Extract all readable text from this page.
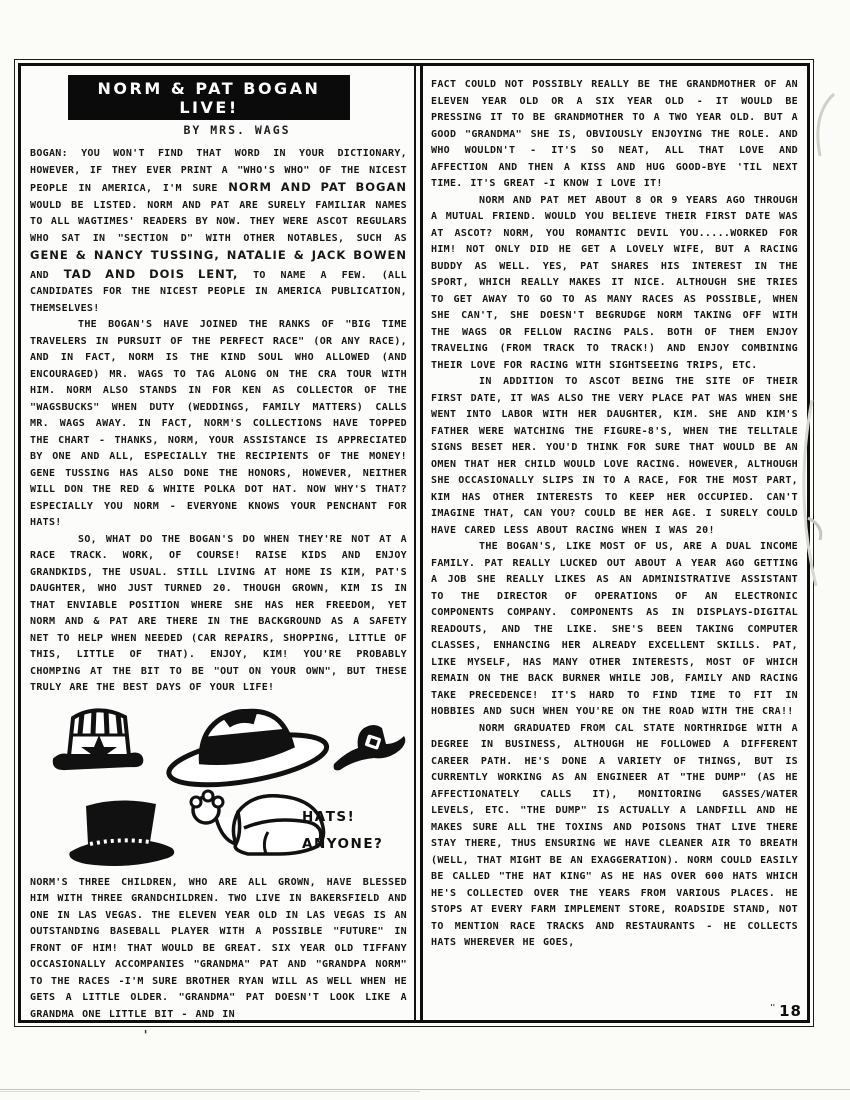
NORM & PAT BOGAN LIVE!
BY MRS. WAGS

BOGAN: YOU WON'T FIND THAT WORD IN YOUR DICTIONARY, HOWEVER, IF THEY EVER PRINT A "WHO'S WHO" OF THE NICEST PEOPLE IN AMERICA, I'M SURE NORM AND PAT BOGAN WOULD BE LISTED. NORM AND PAT ARE SURELY FAMILIAR NAMES TO ALL WAGTIMES' READERS BY NOW. THEY WERE ASCOT REGULARS WHO SAT IN "SECTION D" WITH OTHER NOTABLES, SUCH AS GENE & NANCY TUSSING, NATALIE & JACK BOWEN AND TAD AND DOIS LENT, TO NAME A FEW. (ALL CANDIDATES FOR THE NICEST PEOPLE IN AMERICA PUBLICATION, THEMSELVES!

THE BOGAN'S HAVE JOINED THE RANKS OF "BIG TIME TRAVELERS IN PURSUIT OF THE PERFECT RACE" (OR ANY RACE), AND IN FACT, NORM IS THE KIND SOUL WHO ALLOWED (AND ENCOURAGED) MR. WAGS TO TAG ALONG ON THE CRA TOUR WITH HIM. NORM ALSO STANDS IN FOR KEN AS COLLECTOR OF THE "WAGSBUCKS" WHEN DUTY (WEDDINGS, FAMILY MATTERS) CALLS MR. WAGS AWAY. IN FACT, NORM'S COLLECTIONS HAVE TOPPED THE CHART - THANKS, NORM, YOUR ASSISTANCE IS APPRECIATED BY ONE AND ALL, ESPECIALLY THE RECIPIENTS OF THE MONEY! GENE TUSSING HAS ALSO DONE THE HONORS, HOWEVER, NEITHER WILL DON THE RED & WHITE POLKA DOT HAT. NOW WHY'S THAT? ESPECIALLY YOU NORM - EVERYONE KNOWS YOUR PENCHANT FOR HATS!

SO, WHAT DO THE BOGAN'S DO WHEN THEY'RE NOT AT A RACE TRACK. WORK, OF COURSE! RAISE KIDS AND ENJOY GRANDKIDS, THE USUAL. STILL LIVING AT HOME IS KIM, PAT'S DAUGHTER, WHO JUST TURNED 20. THOUGH GROWN, KIM IS IN THAT ENVIABLE POSITION WHERE SHE HAS HER FREEDOM, YET NORM AND & PAT ARE THERE IN THE BACKGROUND AS A SAFETY NET TO HELP WHEN NEEDED (CAR REPAIRS, SHOPPING, LITTLE OF THIS, LITTLE OF THAT). ENJOY, KIM! YOU'RE PROBABLY CHOMPING AT THE BIT TO BE "OUT ON YOUR OWN", BUT THESE TRULY ARE THE BEST DAYS OF YOUR LIFE!

HATS!
ANYONE?

NORM'S THREE CHILDREN, WHO ARE ALL GROWN, HAVE BLESSED HIM WITH THREE GRANDCHILDREN. TWO LIVE IN BAKERSFIELD AND ONE IN LAS VEGAS. THE ELEVEN YEAR OLD IN LAS VEGAS IS AN OUTSTANDING BASEBALL PLAYER WITH A POSSIBLE "FUTURE" IN FRONT OF HIM! THAT WOULD BE GREAT. SIX YEAR OLD TIFFANY OCCASIONALLY ACCOMPANIES "GRANDMA" PAT AND "GRANDPA NORM" TO THE RACES -I'M SURE BROTHER RYAN WILL AS WELL WHEN HE GETS A LITTLE OLDER. "GRANDMA" PAT DOESN'T LOOK LIKE A GRANDMA ONE LITTLE BIT - AND IN

FACT COULD NOT POSSIBLY REALLY BE THE GRANDMOTHER OF AN ELEVEN YEAR OLD OR A SIX YEAR OLD - IT WOULD BE PRESSING IT TO BE GRANDMOTHER TO A TWO YEAR OLD. BUT A GOOD "GRANDMA" SHE IS, OBVIOUSLY ENJOYING THE ROLE. AND WHO WOULDN'T - IT'S SO NEAT, ALL THAT LOVE AND AFFECTION AND THEN A KISS AND HUG GOOD-BYE 'TIL NEXT TIME. IT'S GREAT -I KNOW I LOVE IT!

NORM AND PAT MET ABOUT 8 OR 9 YEARS AGO THROUGH A MUTUAL FRIEND. WOULD YOU BELIEVE THEIR FIRST DATE WAS AT ASCOT? NORM, YOU ROMANTIC DEVIL YOU.....WORKED FOR HIM! NOT ONLY DID HE GET A LOVELY WIFE, BUT A RACING BUDDY AS WELL. YES, PAT SHARES HIS INTEREST IN THE SPORT, WHICH REALLY MAKES IT NICE. ALTHOUGH SHE TRIES TO GET AWAY TO GO TO AS MANY RACES AS POSSIBLE, WHEN SHE CAN'T, SHE DOESN'T BEGRUDGE NORM TAKING OFF WITH THE WAGS OR FELLOW RACING PALS. BOTH OF THEM ENJOY TRAVELING (FROM TRACK TO TRACK!) AND ENJOY COMBINING THEIR LOVE FOR RACING WITH SIGHTSEEING TRIPS, ETC.

IN ADDITION TO ASCOT BEING THE SITE OF THEIR FIRST DATE, IT WAS ALSO THE VERY PLACE PAT WAS WHEN SHE WENT INTO LABOR WITH HER DAUGHTER, KIM. SHE AND KIM'S FATHER WERE WATCHING THE FIGURE-8'S, WHEN THE TELLTALE SIGNS BESET HER. YOU'D THINK FOR SURE THAT WOULD BE AN OMEN THAT HER CHILD WOULD LOVE RACING. HOWEVER, ALTHOUGH SHE OCCASIONALLY SLIPS IN TO A RACE, FOR THE MOST PART, KIM HAS OTHER INTERESTS TO KEEP HER OCCUPIED. CAN'T IMAGINE THAT, CAN YOU? COULD BE HER AGE. I SURELY COULD HAVE CARED LESS ABOUT RACING WHEN I WAS 20!

THE BOGAN'S, LIKE MOST OF US, ARE A DUAL INCOME FAMILY. PAT REALLY LUCKED OUT ABOUT A YEAR AGO GETTING A JOB SHE REALLY LIKES AS AN ADMINISTRATIVE ASSISTANT TO THE DIRECTOR OF OPERATIONS OF AN ELECTRONIC COMPONENTS COMPANY. COMPONENTS AS IN DISPLAYS-DIGITAL READOUTS, AND THE LIKE. SHE'S BEEN TAKING COMPUTER CLASSES, ENHANCING HER ALREADY EXCELLENT SKILLS. PAT, LIKE MYSELF, HAS MANY OTHER INTERESTS, MOST OF WHICH REMAIN ON THE BACK BURNER WHILE JOB, FAMILY AND RACING TAKE PRECEDENCE! IT'S HARD TO FIND TIME TO FIT IN HOBBIES AND SUCH WHEN YOU'RE ON THE ROAD WITH THE CRA!!

NORM GRADUATED FROM CAL STATE NORTHRIDGE WITH A DEGREE IN BUSINESS, ALTHOUGH HE FOLLOWED A DIFFERENT CAREER PATH. HE'S DONE A VARIETY OF THINGS, BUT IS CURRENTLY WORKING AS AN ENGINEER AT "THE DUMP" (AS HE AFFECTIONATELY CALLS IT), MONITORING GASSES/WATER LEVELS, ETC. "THE DUMP" IS ACTUALLY A LANDFILL AND HE MAKES SURE ALL THE TOXINS AND POISONS THAT LIVE THERE STAY THERE, THUS ENSURING WE HAVE CLEANER AIR TO BREATH (WELL, THAT MIGHT BE AN EXAGGERATION). NORM COULD EASILY BE CALLED "THE HAT KING" AS HE HAS OVER 600 HATS WHICH HE'S COLLECTED OVER THE YEARS FROM VARIOUS PLACES. HE STOPS AT EVERY FARM IMPLEMENT STORE, ROADSIDE STAND, NOT TO MENTION RACE TRACKS AND RESTAURANTS - HE COLLECTS HATS WHEREVER HE GOES,

'' 18
'
